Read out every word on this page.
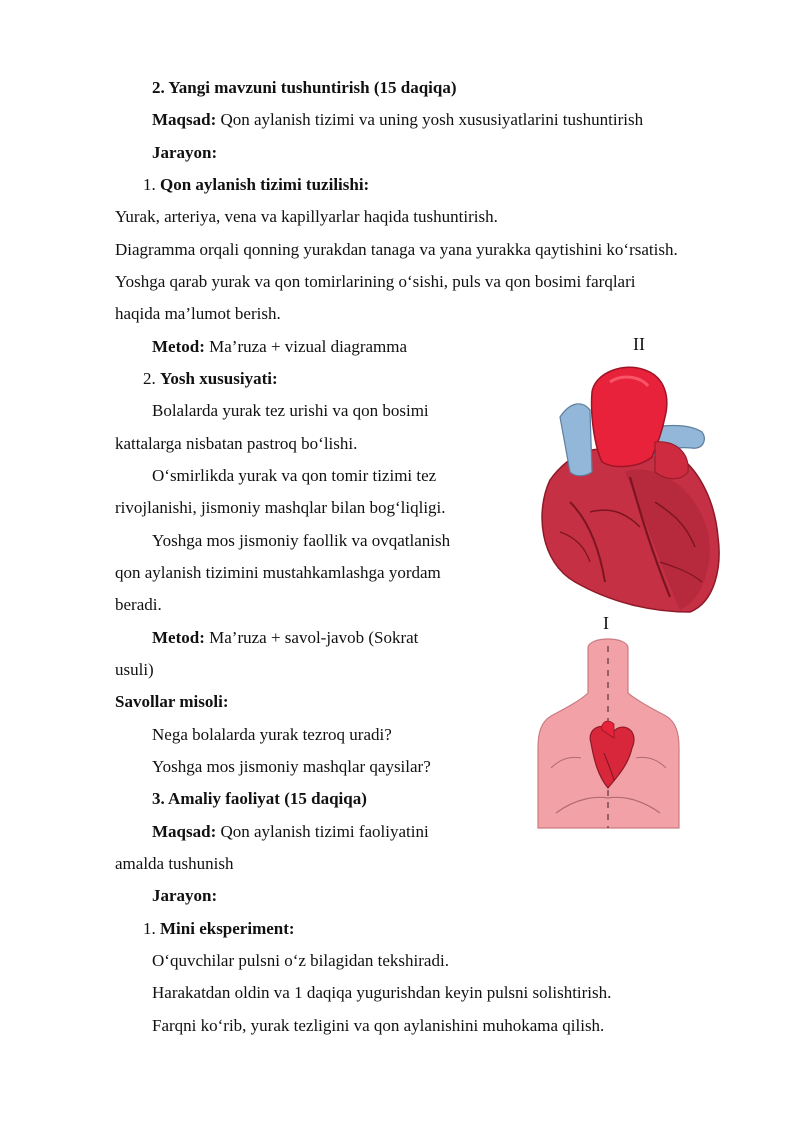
2. Yangi mavzuni tushuntirish (15 daqiqa)
Maqsad: Qon aylanish tizimi va uning yosh xususiyatlarini tushuntirish
Jarayon:
1. Qon aylanish tizimi tuzilishi:
Yurak, arteriya, vena va kapillyarlar haqida tushuntirish.
Diagramma orqali qonning yurakdan tanaga va yana yurakka qaytishini ko‘rsatish.
Yoshga qarab yurak va qon tomirlarining o‘sishi, puls va qon bosimi farqlari
haqida ma’lumot berish.
Metod: Ma’ruza + vizual diagramma
2. Yosh xususiyati:
Bolalarda yurak tez urishi va qon bosimi
kattalarga nisbatan pastroq bo‘lishi.
O‘smirlikda yurak va qon tomir tizimi tez
rivojlanishi, jismoniy mashqlar bilan bog‘liqligi.
Yoshga mos jismoniy faollik va ovqatlanish
qon aylanish tizimini mustahkamlashga yordam
beradi.
Metod: Ma’ruza + savol-javob (Sokrat
usuli)
Savollar misoli:
Nega bolalarda yurak tezroq uradi?
Yoshga mos jismoniy mashqlar qaysilar?
3. Amaliy faoliyat (15 daqiqa)
Maqsad: Qon aylanish tizimi faoliyatini
amalda tushunish
Jarayon:
1. Mini eksperiment:
O‘quvchilar pulsni o‘z bilagidan tekshiradi.
Harakatdan oldin va 1 daqiqa yugurishdan keyin pulsni solishtirish.
Farqni ko‘rib, yurak tezligini va qon aylanishini muhokama qilish.
II
I
